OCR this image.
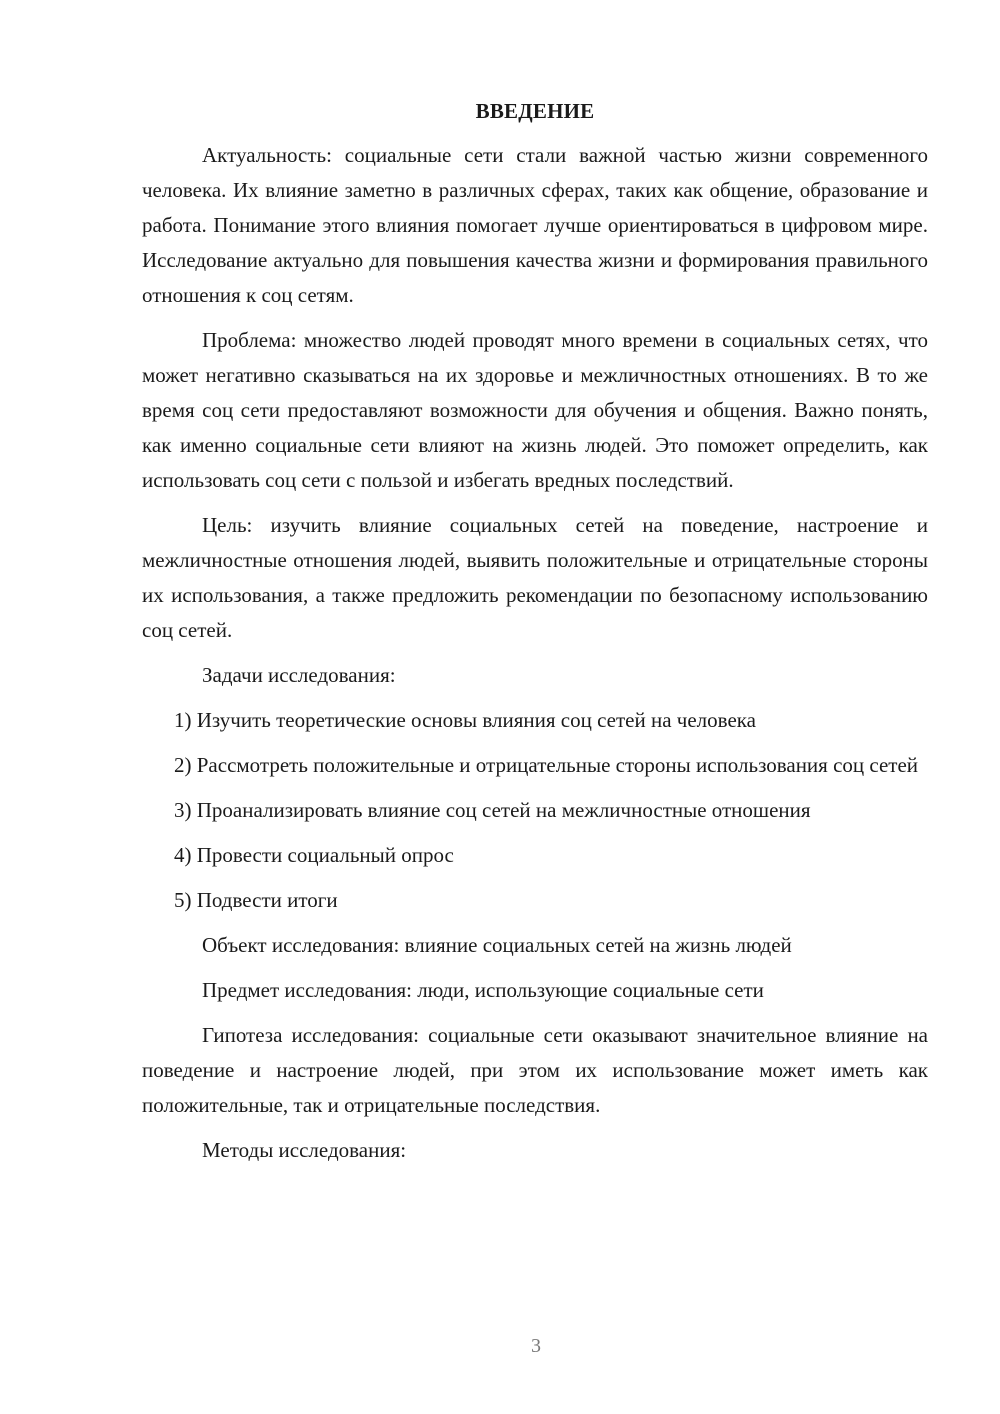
ВВЕДЕНИЕ

Актуальность: социальные сети стали важной частью жизни современного человека. Их влияние заметно в различных сферах, таких как общение, образование и работа. Понимание этого влияния помогает лучше ориентироваться в цифровом мире. Исследование актуально для повышения качества жизни и формирования правильного отношения к соц сетям.

Проблема: множество людей проводят много времени в социальных сетях, что может негативно сказываться на их здоровье и межличностных отношениях. В то же время соц сети предоставляют возможности для обучения и общения. Важно понять, как именно социальные сети влияют на жизнь людей. Это поможет определить, как использовать соц сети с пользой и избегать вредных последствий.

Цель: изучить влияние социальных сетей на поведение, настроение и межличностные отношения людей, выявить положительные и отрицательные стороны их использования, а также предложить рекомендации по безопасному использованию соц сетей.

Задачи исследования:

1) Изучить теоретические основы влияния соц сетей на человека

2) Рассмотреть положительные и отрицательные стороны использования соц сетей

3) Проанализировать влияние соц сетей на межличностные отношения

4) Провести социальный опрос

5) Подвести итоги

Объект исследования: влияние социальных сетей на жизнь людей

Предмет исследования: люди, использующие социальные сети

Гипотеза исследования: социальные сети оказывают значительное влияние на поведение и настроение людей, при этом их использование может иметь как положительные, так и отрицательные последствия.

Методы исследования:

3
